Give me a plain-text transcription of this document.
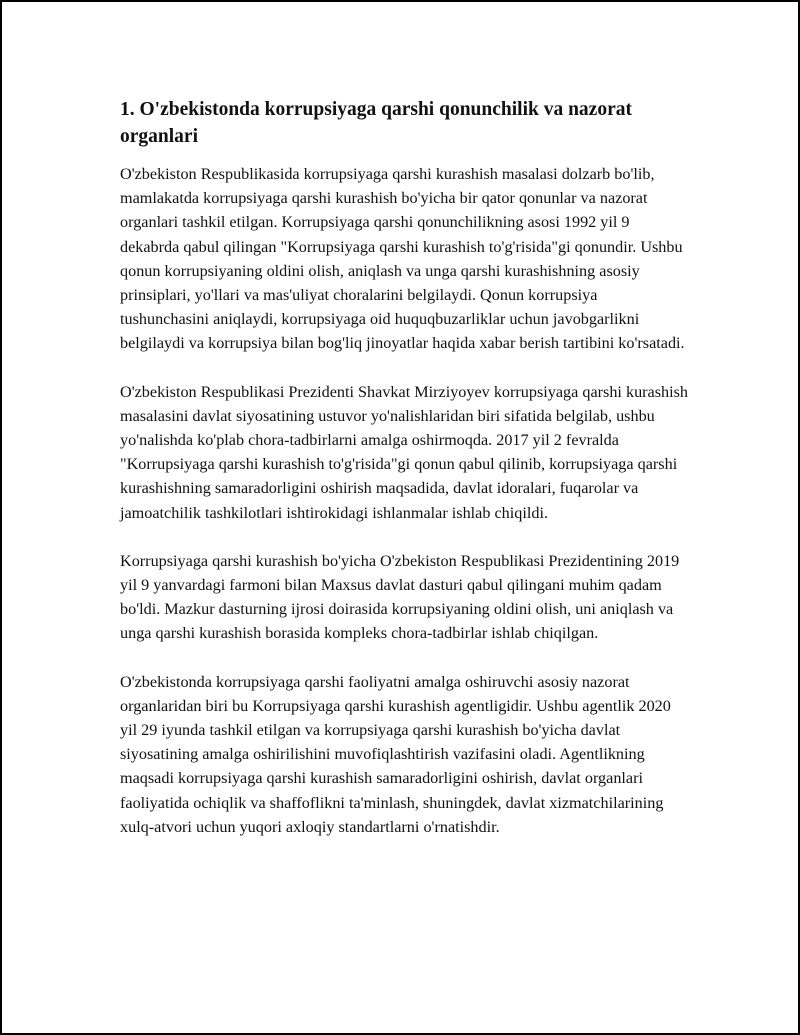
1. O'zbekistonda korrupsiyaga qarshi qonunchilik va nazorat organlari

O'zbekiston Respublikasida korrupsiyaga qarshi kurashish masalasi dolzarb bo'lib, mamlakatda korrupsiyaga qarshi kurashish bo'yicha bir qator qonunlar va nazorat organlari tashkil etilgan. Korrupsiyaga qarshi qonunchilikning asosi 1992 yil 9 dekabrda qabul qilingan "Korrupsiyaga qarshi kurashish to'g'risida"gi qonundir. Ushbu qonun korrupsiyaning oldini olish, aniqlash va unga qarshi kurashishning asosiy prinsiplari, yo'llari va mas'uliyat choralarini belgilaydi. Qonun korrupsiya tushunchasini aniqlaydi, korrupsiyaga oid huquqbuzarliklar uchun javobgarlikni belgilaydi va korrupsiya bilan bog'liq jinoyatlar haqida xabar berish tartibini ko'rsatadi.

O'zbekiston Respublikasi Prezidenti Shavkat Mirziyoyev korrupsiyaga qarshi kurashish masalasini davlat siyosatining ustuvor yo'nalishlaridan biri sifatida belgilab, ushbu yo'nalishda ko'plab chora-tadbirlarni amalga oshirmoqda. 2017 yil 2 fevralda "Korrupsiyaga qarshi kurashish to'g'risida"gi qonun qabul qilinib, korrupsiyaga qarshi kurashishning samaradorligini oshirish maqsadida, davlat idoralari, fuqarolar va jamoatchilik tashkilotlari ishtirokidagi ishlanmalar ishlab chiqildi.

Korrupsiyaga qarshi kurashish bo'yicha O'zbekiston Respublikasi Prezidentining 2019 yil 9 yanvardagi farmoni bilan Maxsus davlat dasturi qabul qilingani muhim qadam bo'ldi. Mazkur dasturning ijrosi doirasida korrupsiyaning oldini olish, uni aniqlash va unga qarshi kurashish borasida kompleks chora-tadbirlar ishlab chiqilgan.

O'zbekistonda korrupsiyaga qarshi faoliyatni amalga oshiruvchi asosiy nazorat organlaridan biri bu Korrupsiyaga qarshi kurashish agentligidir. Ushbu agentlik 2020 yil 29 iyunda tashkil etilgan va korrupsiyaga qarshi kurashish bo'yicha davlat siyosatining amalga oshirilishini muvofiqlashtirish vazifasini oladi. Agentlikning maqsadi korrupsiyaga qarshi kurashish samaradorligini oshirish, davlat organlari faoliyatida ochiqlik va shaffoflikni ta'minlash, shuningdek, davlat xizmatchilarining xulq-atvori uchun yuqori axloqiy standartlarni o'rnatishdir.
